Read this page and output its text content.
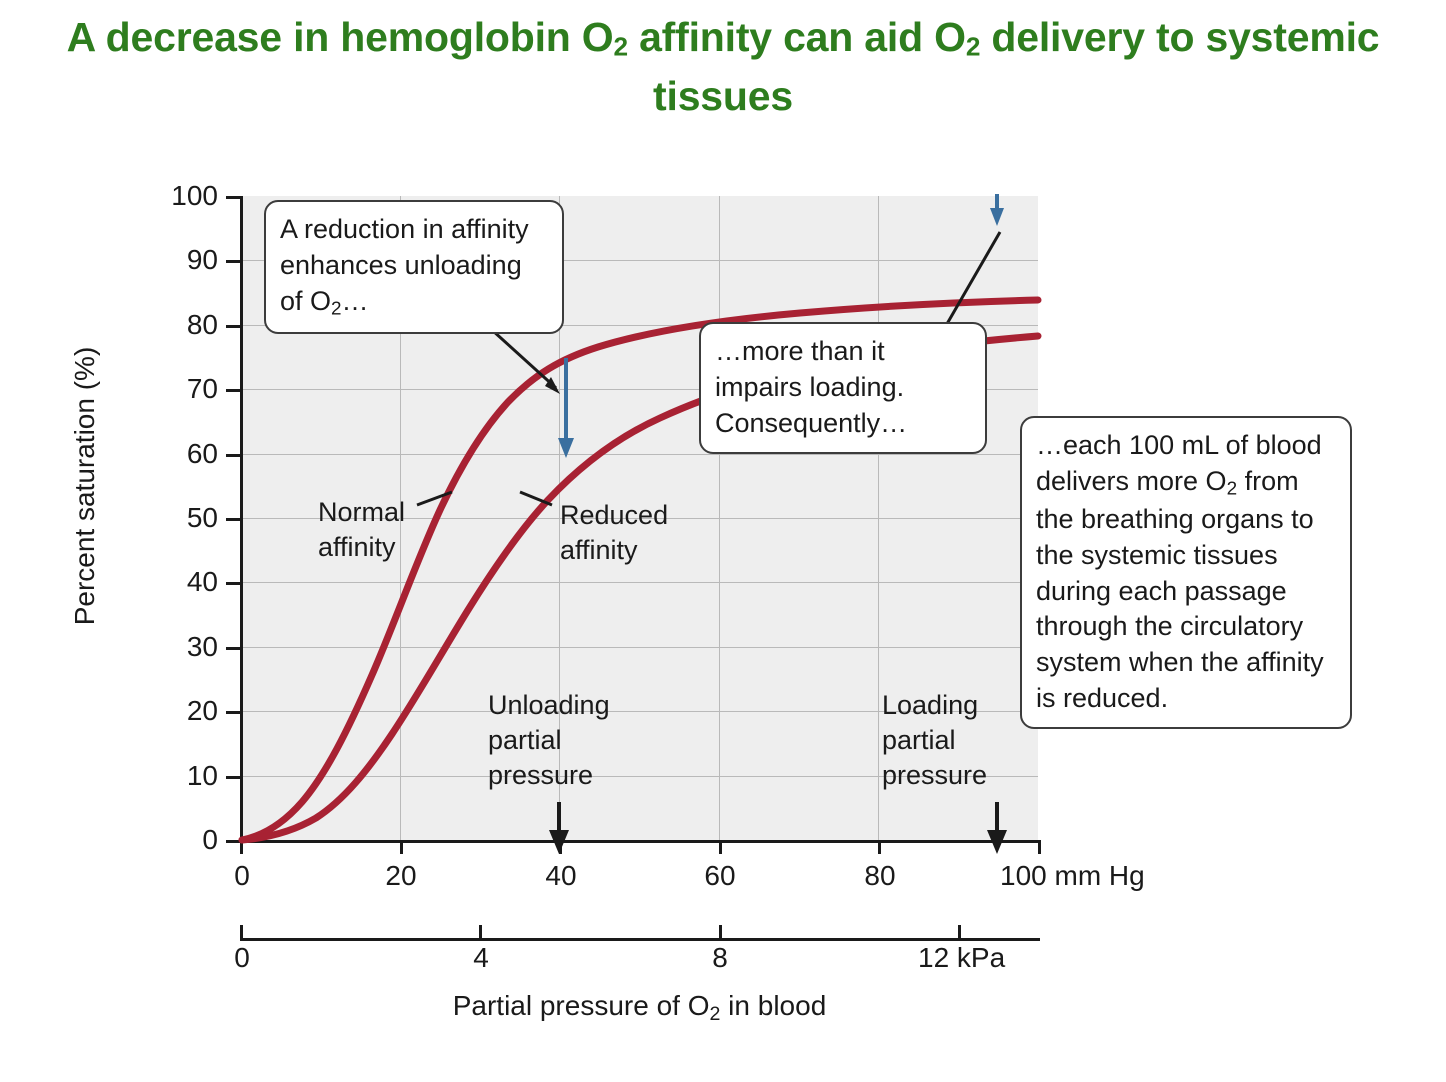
A decrease in hemoglobin $O_2$ affinity can aid $O_2$ delivery to systemic tissues
100
90
80
70
60
50
40
30
20
10
0
0	20	40	60	80	100 mm Hg
Percent saturation (%)
0	4	8	12 kPa
Partial pressure of $O_2$ in blood
Normal
affinity
Reduced
affinity
Unloading
partial
pressure
Loading
partial
pressure
A reduction in affinity enhances unloading of $O_2\dots$
…more than it impairs loading. Consequently…
…each 100 mL of blood delivers more $O_2$ from the breathing organs to the systemic tissues during each passage through the circulatory system when the affinity is reduced.
